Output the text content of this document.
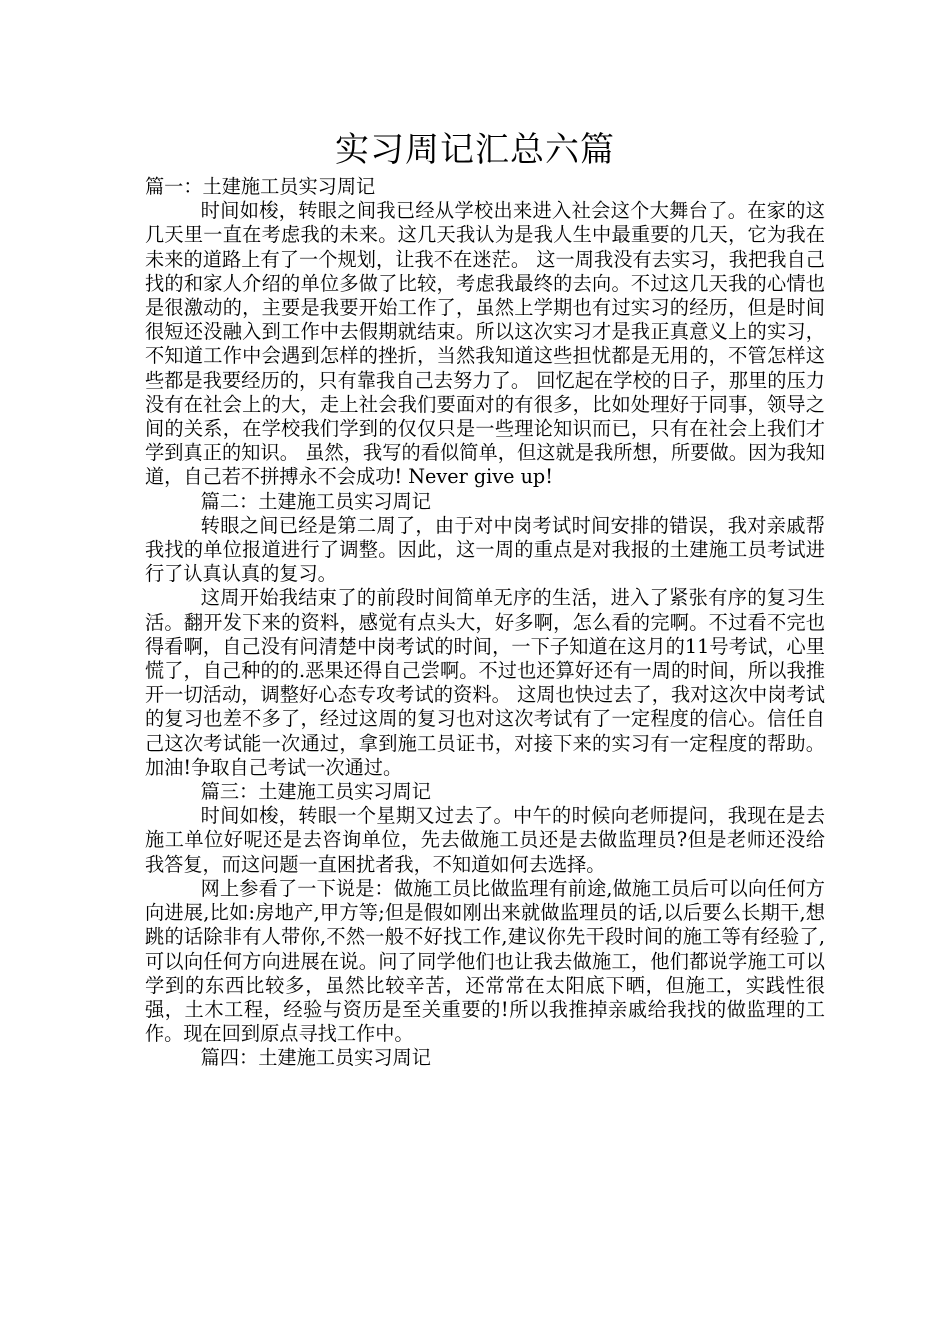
实习周记汇总六篇

篇一：土建施工员实习周记

时间如梭，转眼之间我已经从学校出来进入社会这个大舞台了。在家的这几天里一直在考虑我的未来。这几天我认为是我人生中最重要的几天，它为我在未来的道路上有了一个规划，让我不在迷茫。 这一周我没有去实习，我把我自己找的和家人介绍的单位多做了比较，考虑我最终的去向。不过这几天我的心情也是很激动的，主要是我要开始工作了，虽然上学期也有过实习的经历，但是时间很短还没融入到工作中去假期就结束。所以这次实习才是我正真意义上的实习，不知道工作中会遇到怎样的挫折，当然我知道这些担忧都是无用的，不管怎样这些都是我要经历的，只有靠我自己去努力了。 回忆起在学校的日子，那里的压力没有在社会上的大，走上社会我们要面对的有很多，比如处理好于同事，领导之间的关系，在学校我们学到的仅仅只是一些理论知识而已，只有在社会上我们才学到真正的知识。 虽然，我写的看似简单，但这就是我所想，所要做。因为我知道，自己若不拼搏永不会成功! Never give up!

篇二：土建施工员实习周记

转眼之间已经是第二周了，由于对中岗考试时间安排的错误，我对亲戚帮我找的单位报道进行了调整。因此，这一周的重点是对我报的土建施工员考试进行了认真认真的复习。

这周开始我结束了的前段时间简单无序的生活，进入了紧张有序的复习生活。翻开发下来的资料，感觉有点头大，好多啊，怎么看的完啊。不过看不完也得看啊，自己没有问清楚中岗考试的时间，一下子知道在这月的11号考试，心里慌了，自己种的的.恶果还得自己尝啊。不过也还算好还有一周的时间，所以我推开一切活动，调整好心态专攻考试的资料。 这周也快过去了，我对这次中岗考试的复习也差不多了，经过这周的复习也对这次考试有了一定程度的信心。信任自己这次考试能一次通过，拿到施工员证书，对接下来的实习有一定程度的帮助。 加油!争取自己考试一次通过。

篇三：土建施工员实习周记

时间如梭，转眼一个星期又过去了。中午的时候向老师提问，我现在是去施工单位好呢还是去咨询单位，先去做施工员还是去做监理员?但是老师还没给我答复，而这问题一直困扰者我，不知道如何去选择。

网上参看了一下说是：做施工员比做监理有前途,做施工员后可以向任何方向进展,比如:房地产,甲方等;但是假如刚出来就做监理员的话,以后要么长期干,想跳的话除非有人带你,不然一般不好找工作,建议你先干段时间的施工等有经验了,可以向任何方向进展在说。问了同学他们也让我去做施工，他们都说学施工可以学到的东西比较多，虽然比较辛苦，还常常在太阳底下晒，但施工，实践性很强，土木工程，经验与资历是至关重要的!所以我推掉亲戚给我找的做监理的工作。现在回到原点寻找工作中。

篇四：土建施工员实习周记
